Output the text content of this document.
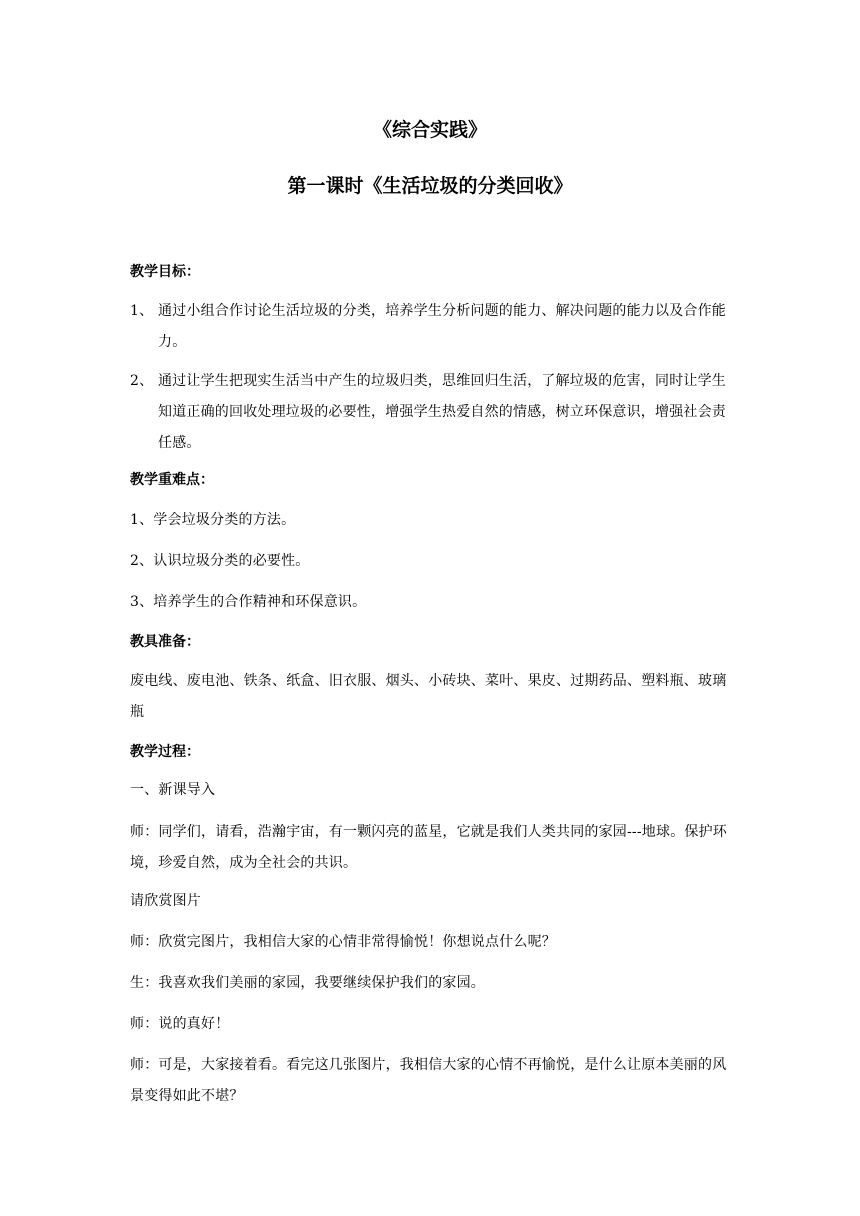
《综合实践》
第一课时《生活垃圾的分类回收》
教学目标：
1、 通过小组合作讨论生活垃圾的分类，培养学生分析问题的能力、解决问题的能力以及合作能力。
2、 通过让学生把现实生活当中产生的垃圾归类，思维回归生活，了解垃圾的危害，同时让学生知道正确的回收处理垃圾的必要性，增强学生热爱自然的情感，树立环保意识，增强社会责任感。
教学重难点：
1、学会垃圾分类的方法。
2、认识垃圾分类的必要性。
3、培养学生的合作精神和环保意识。
教具准备：
废电线、废电池、铁条、纸盒、旧衣服、烟头、小砖块、菜叶、果皮、过期药品、塑料瓶、玻璃瓶
教学过程：
一、新课导入
师：同学们，请看，浩瀚宇宙，有一颗闪亮的蓝星，它就是我们人类共同的家园---地球。保护环境，珍爱自然，成为全社会的共识。
请欣赏图片
师：欣赏完图片，我相信大家的心情非常得愉悦！你想说点什么呢？
生：我喜欢我们美丽的家园，我要继续保护我们的家园。
师：说的真好！
师：可是，大家接着看。看完这几张图片，我相信大家的心情不再愉悦，是什么让原本美丽的风景变得如此不堪？
